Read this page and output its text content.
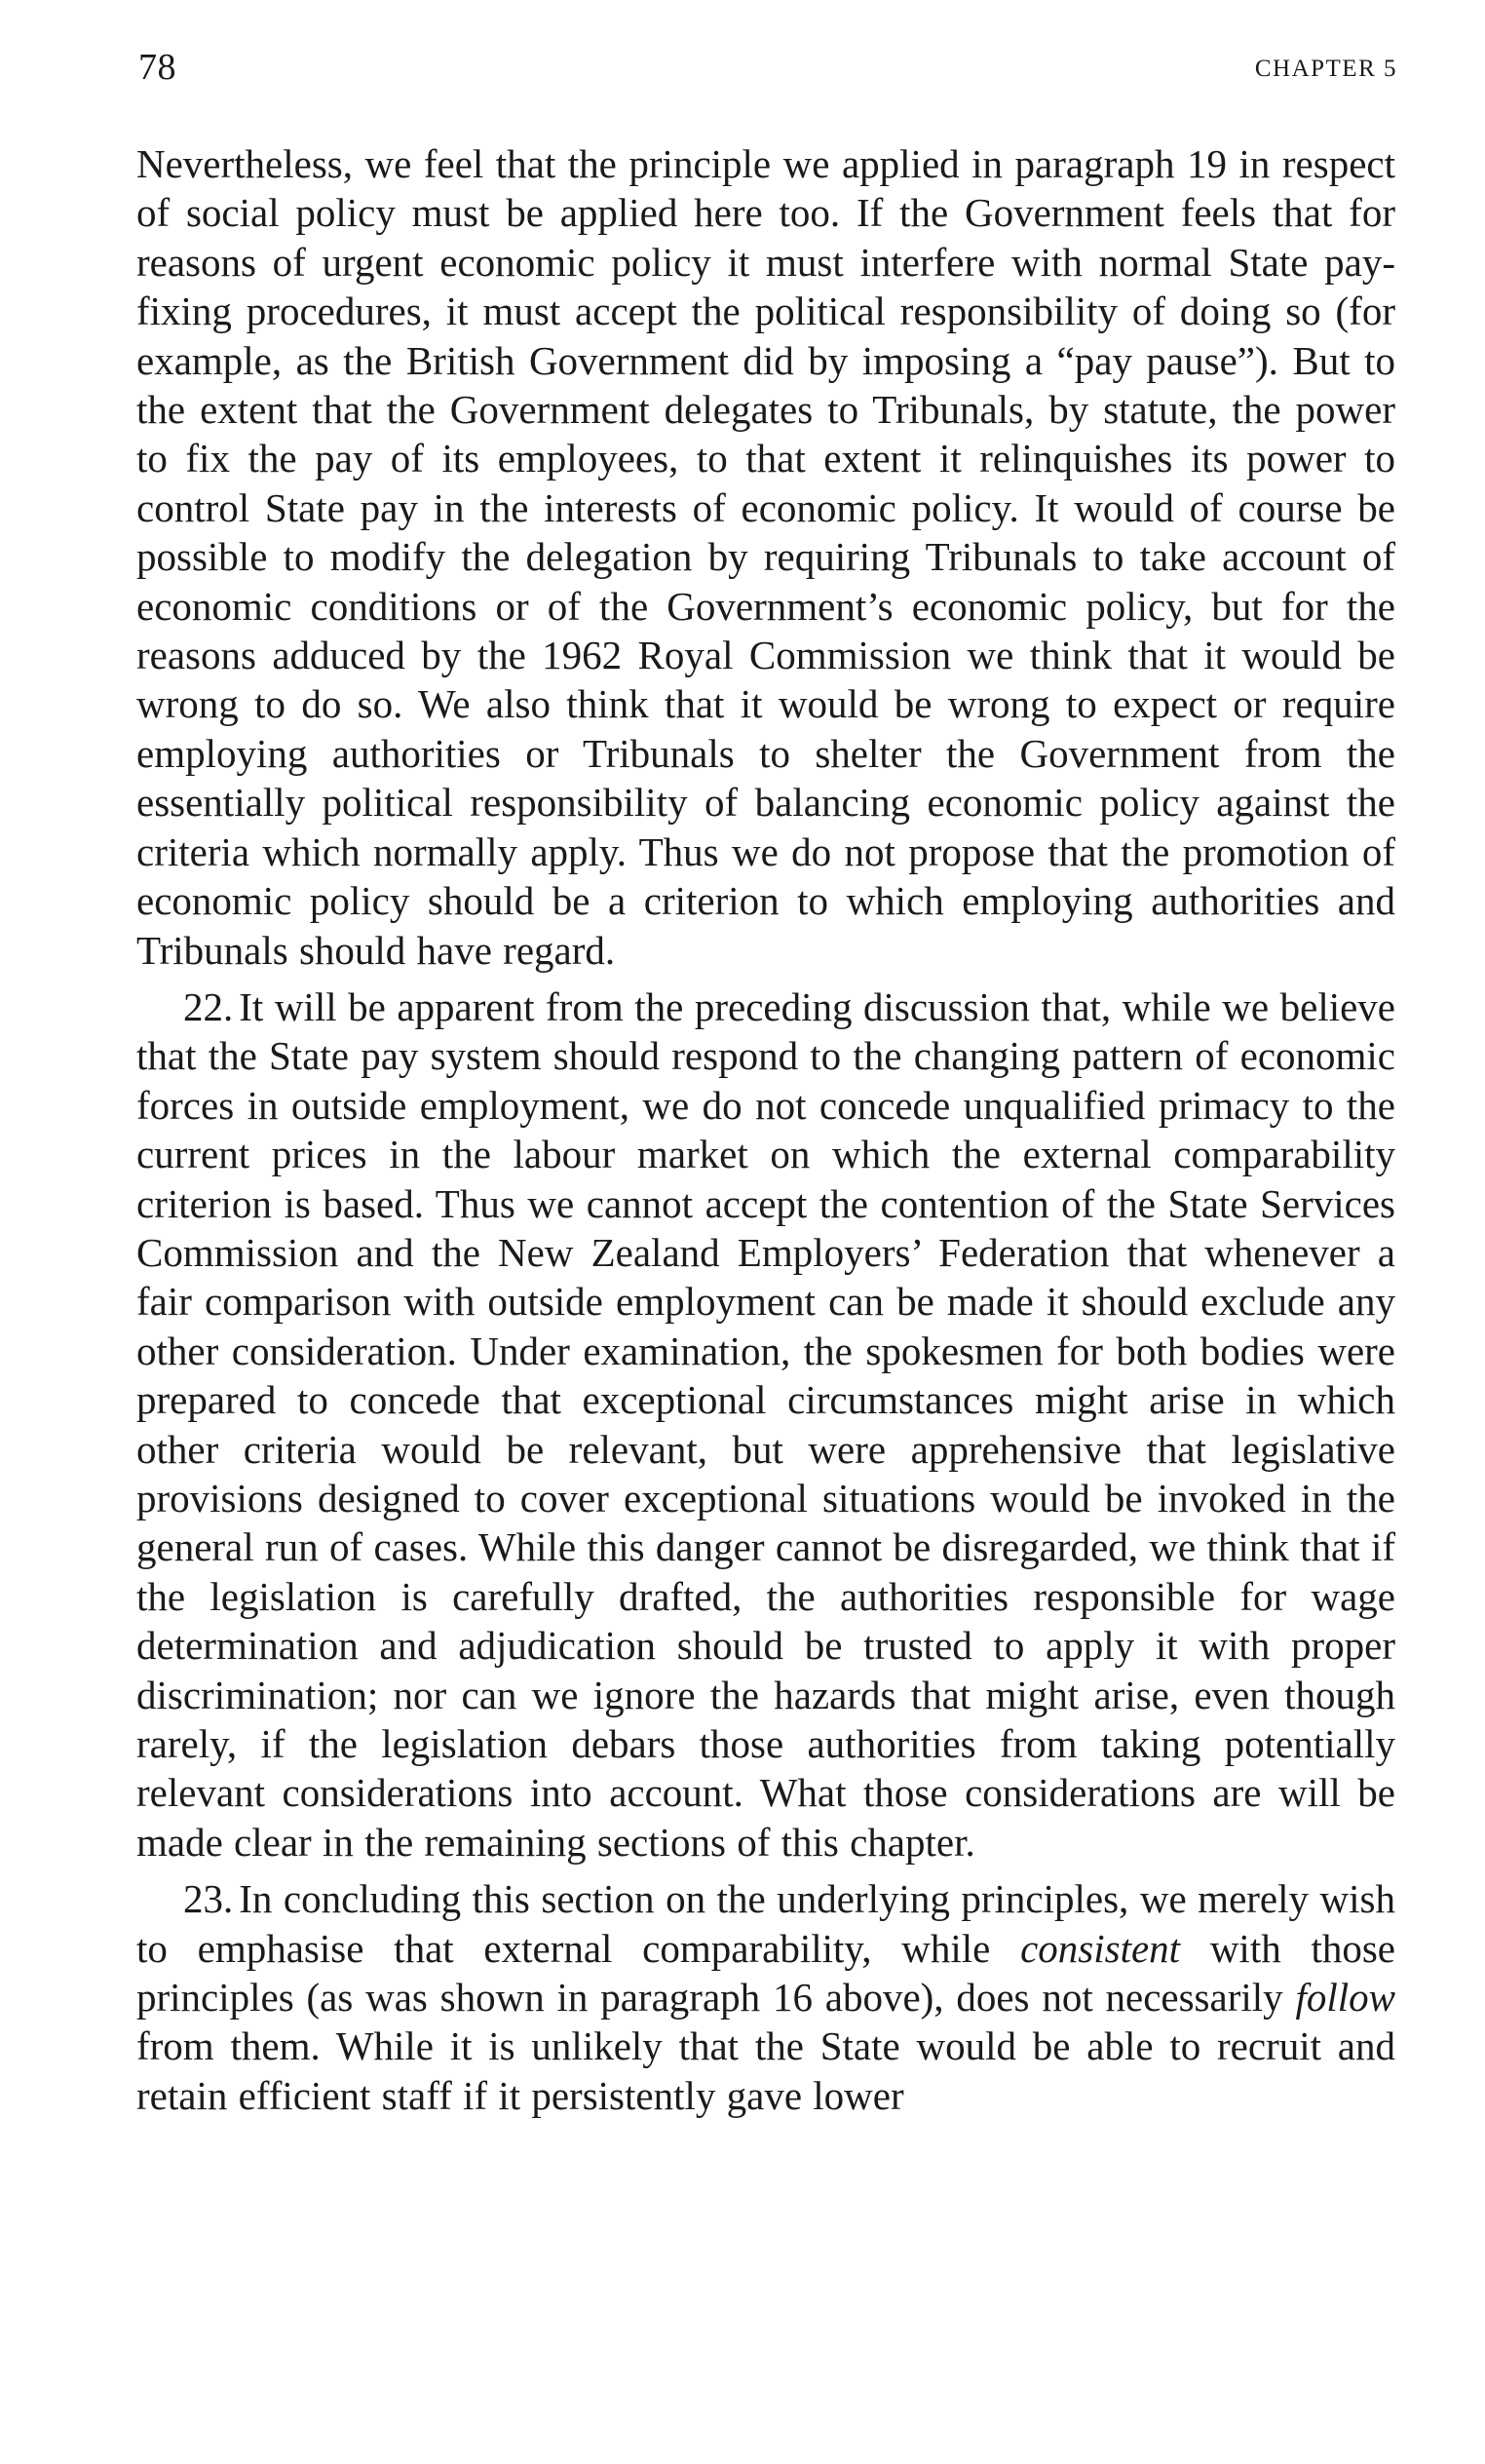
78	CHAPTER 5

Nevertheless, we feel that the principle we applied in paragraph 19 in respect of social policy must be applied here too. If the Government feels that for reasons of urgent economic policy it must interfere with normal State pay-fixing procedures, it must accept the political responsibility of doing so (for example, as the British Government did by imposing a “pay pause”). But to the extent that the Government delegates to Tribunals, by statute, the power to fix the pay of its employees, to that extent it relinquishes its power to control State pay in the interests of economic policy. It would of course be possible to modify the delegation by requiring Tribunals to take account of economic conditions or of the Government’s economic policy, but for the reasons adduced by the 1962 Royal Commission we think that it would be wrong to do so. We also think that it would be wrong to expect or require employing authorities or Tribunals to shelter the Government from the essentially political responsibility of balancing economic policy against the criteria which normally apply. Thus we do not propose that the promotion of economic policy should be a criterion to which employing authorities and Tribunals should have regard.

22. It will be apparent from the preceding discussion that, while we believe that the State pay system should respond to the changing pattern of economic forces in outside employment, we do not concede unqualified primacy to the current prices in the labour market on which the external comparability criterion is based. Thus we cannot accept the contention of the State Services Commission and the New Zealand Employers’ Federation that whenever a fair comparison with outside employment can be made it should exclude any other consideration. Under examination, the spokesmen for both bodies were prepared to concede that exceptional circumstances might arise in which other criteria would be relevant, but were apprehensive that legislative provisions designed to cover exceptional situations would be invoked in the general run of cases. While this danger cannot be disregarded, we think that if the legislation is carefully drafted, the authorities responsible for wage determination and adjudication should be trusted to apply it with proper discrimination; nor can we ignore the hazards that might arise, even though rarely, if the legislation debars those authorities from taking potentially relevant considerations into account. What those considerations are will be made clear in the remaining sections of this chapter.

23. In concluding this section on the underlying principles, we merely wish to emphasise that external comparability, while consistent with those principles (as was shown in paragraph 16 above), does not necessarily follow from them. While it is unlikely that the State would be able to recruit and retain efficient staff if it persistently gave lower
